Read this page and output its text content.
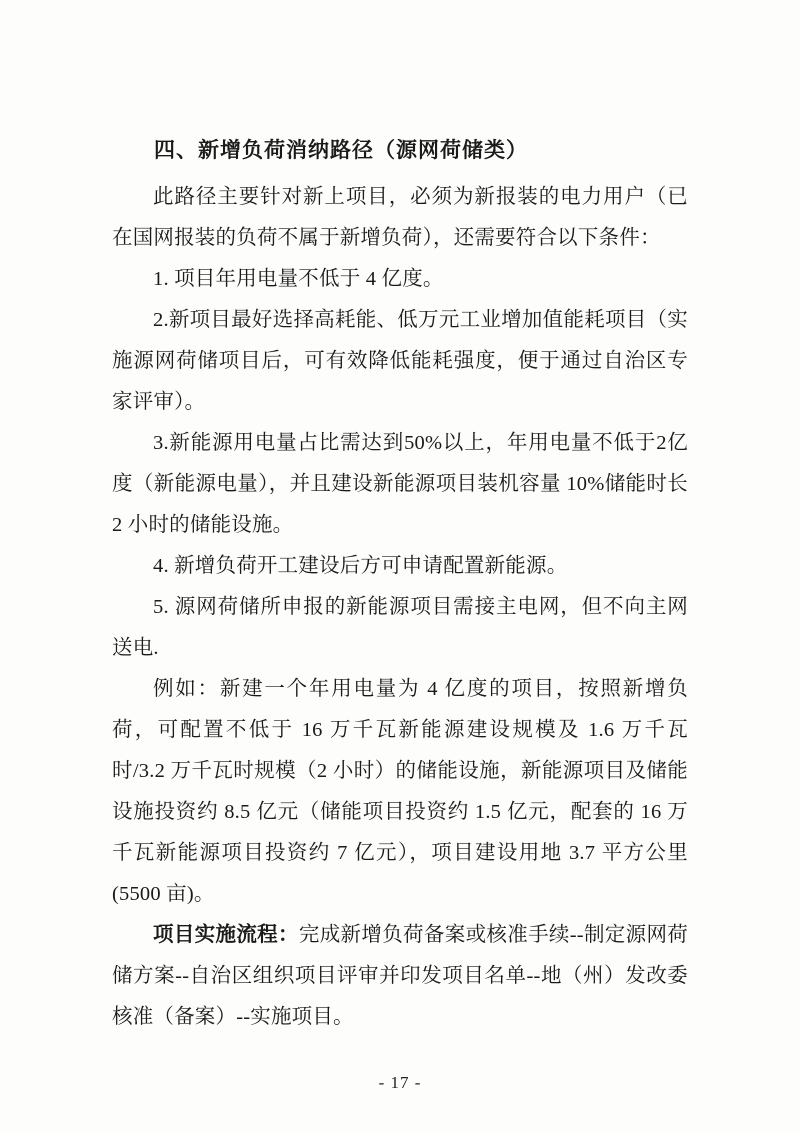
四、新增负荷消纳路径（源网荷储类）

此路径主要针对新上项目，必须为新报装的电力用户（已在国网报装的负荷不属于新增负荷），还需要符合以下条件：

1. 项目年用电量不低于 4 亿度。

2.新项目最好选择高耗能、低万元工业增加值能耗项目（实施源网荷储项目后，可有效降低能耗强度，便于通过自治区专家评审）。

3.新能源用电量占比需达到50%以上，年用电量不低于2亿度（新能源电量），并且建设新能源项目装机容量 10%储能时长 2 小时的储能设施。

4. 新增负荷开工建设后方可申请配置新能源。

5. 源网荷储所申报的新能源项目需接主电网，但不向主网送电.

例如：新建一个年用电量为 4 亿度的项目，按照新增负荷，可配置不低于 16 万千瓦新能源建设规模及 1.6 万千瓦时/3.2 万千瓦时规模（2 小时）的储能设施，新能源项目及储能设施投资约 8.5 亿元（储能项目投资约 1.5 亿元，配套的 16 万千瓦新能源项目投资约 7 亿元），项目建设用地 3.7 平方公里(5500 亩)。

项目实施流程：完成新增负荷备案或核准手续--制定源网荷储方案--自治区组织项目评审并印发项目名单--地（州）发改委核准（备案）--实施项目。

- 17 -
